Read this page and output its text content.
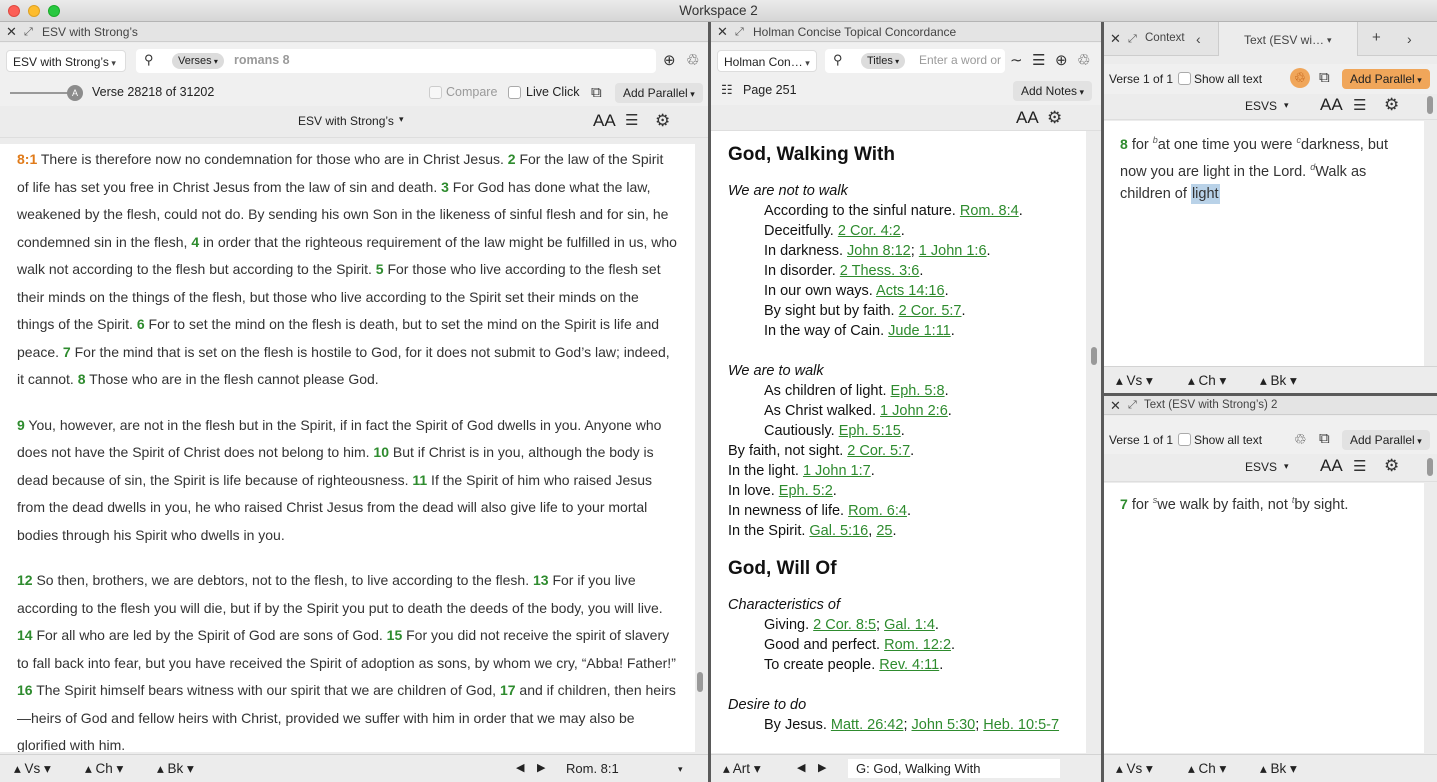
Workspace 2
✕ ⤢ ESV with Strong’s
ESV with Strong’s ▾	⚲	Verses ▾	romans 8	⊕ ♲
A	Verse 28218 of 31202	Compare Live Click ⧉	Add Parallel ▾
ESV with Strong’s ▾	AA ☰ ⚙

8:1 There is therefore now no condemnation for those who are in Christ Jesus. 2 For the law of the Spirit of life has set you free in Christ Jesus from the law of sin and death. 3 For God has done what the law, weakened by the flesh, could not do. By sending his own Son in the likeness of sinful flesh and for sin, he condemned sin in the flesh, 4 in order that the righteous requirement of the law might be fulfilled in us, who walk not according to the flesh but according to the Spirit. 5 For those who live according to the flesh set their minds on the things of the flesh, but those who live according to the Spirit set their minds on the things of the Spirit. 6 For to set the mind on the flesh is death, but to set the mind on the Spirit is life and peace. 7 For the mind that is set on the flesh is hostile to God, for it does not submit to God’s law; indeed, it cannot. 8 Those who are in the flesh cannot please God.

9 You, however, are not in the flesh but in the Spirit, if in fact the Spirit of God dwells in you. Anyone who does not have the Spirit of Christ does not belong to him. 10 But if Christ is in you, although the body is dead because of sin, the Spirit is life because of righteousness. 11 If the Spirit of him who raised Jesus from the dead dwells in you, he who raised Christ Jesus from the dead will also give life to your mortal bodies through his Spirit who dwells in you.

12 So then, brothers, we are debtors, not to the flesh, to live according to the flesh. 13 For if you live according to the flesh you will die, but if by the Spirit you put to death the deeds of the body, you will live. 14 For all who are led by the Spirit of God are sons of God. 15 For you did not receive the spirit of slavery to fall back into fear, but you have received the Spirit of adoption as sons, by whom we cry, “Abba! Father!” 16 The Spirit himself bears witness with our spirit that we are children of God, 17 and if children, then heirs—heirs of God and fellow heirs with Christ, provided we suffer with him in order that we may also be glorified with him.

▴ Vs ▾	▴ Ch ▾ ▴ Bk ▾	◀ ▶ Rom. 8:1	▾
✕ ⤢ Holman Concise Topical Concordance
Holman Con… ▾	⚲	Titles ▾	Enter a word or ∼ ☰ ⊕ ♲
☷ Page 251	Add Notes ▾
AA ⚙
God, Walking With
We are not to walk
According to the sinful nature. Rom. 8:4.
Deceitfully. 2 Cor. 4:2.
In darkness. John 8:12; 1 John 1:6.
In disorder. 2 Thess. 3:6.
In our own ways. Acts 14:16.
By sight but by faith. 2 Cor. 5:7.
In the way of Cain. Jude 1:11.
We are to walk
As children of light. Eph. 5:8.
As Christ walked. 1 John 2:6.
Cautiously. Eph. 5:15.
By faith, not sight. 2 Cor. 5:7.
In the light. 1 John 1:7.
In love. Eph. 5:2.
In newness of life. Rom. 6:4.
In the Spirit. Gal. 5:16, 25.
God, Will Of
Characteristics of
Giving. 2 Cor. 8:5; Gal. 1:4.
Good and perfect. Rom. 12:2.
To create people. Rev. 4:11.
Desire to do
By Jesus. Matt. 26:42; John 5:30; Heb. 10:5-7
▴ Art ▾	◀ ▶	G: God, Walking With
✕ ⤢ Context ‹	Text (ESV wi… ▾	+ ›
Verse 1 of 1 Show all text	♲ ⧉	Add Parallel ▾
ESVS ▾ AA ☰ ⚙
8 for $^b$at one time you were $^c$darkness, but now you are light in the Lord. $^d$Walk as children of light
▴ Vs ▾	▴ Ch ▾ ▴ Bk ▾
✕ ⤢ Text (ESV with Strong’s) 2
Verse 1 of 1 Show all text ♲ ⧉	Add Parallel ▾
ESVS ▾ AA ☰ ⚙
7 for $^s$we walk by faith, not $^t$by sight.
▴ Vs ▾	▴ Ch ▾ ▴ Bk ▾
